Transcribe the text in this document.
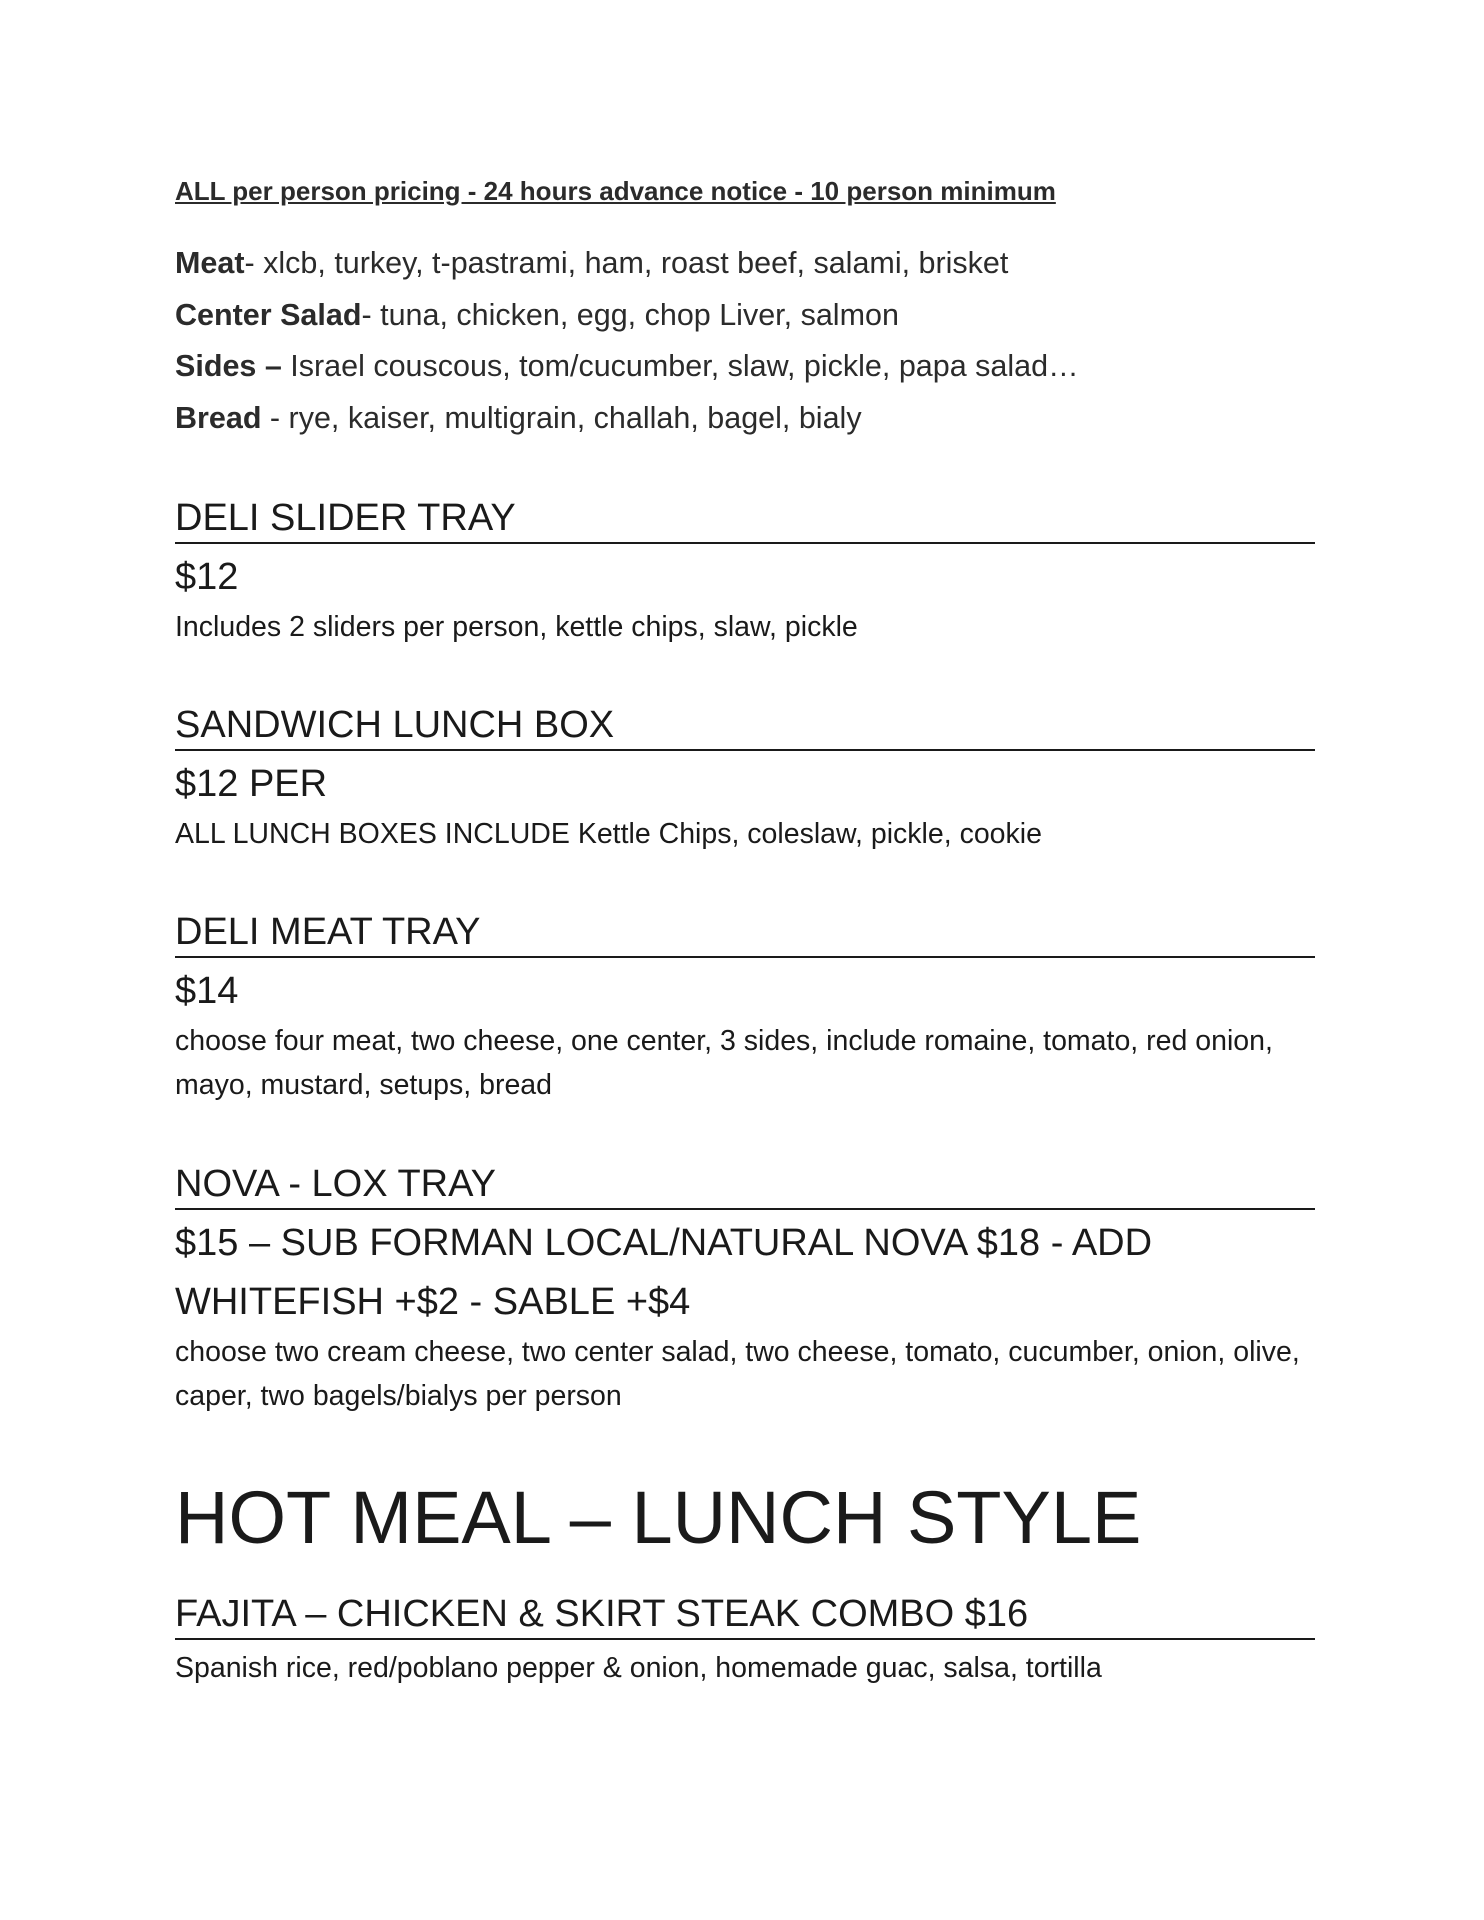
ALL per person pricing - 24 hours advance notice - 10 person minimum
Meat- xlcb, turkey, t-pastrami, ham, roast beef, salami, brisket
Center Salad- tuna, chicken, egg, chop Liver, salmon
Sides – Israel couscous, tom/cucumber, slaw, pickle, papa salad…
Bread - rye, kaiser, multigrain, challah, bagel, bialy
DELI SLIDER TRAY
$12
Includes 2 sliders per person, kettle chips, slaw, pickle
SANDWICH LUNCH BOX
$12 PER
ALL LUNCH BOXES INCLUDE Kettle Chips, coleslaw, pickle, cookie
DELI MEAT TRAY
$14
choose four meat, two cheese, one center, 3 sides, include romaine, tomato, red onion, mayo, mustard, setups, bread
NOVA - LOX TRAY
$15 – SUB FORMAN LOCAL/NATURAL NOVA $18 - ADD WHITEFISH +$2 - SABLE +$4
choose two cream cheese, two center salad, two cheese, tomato, cucumber, onion, olive, caper, two bagels/bialys per person
HOT MEAL – LUNCH STYLE
FAJITA – CHICKEN & SKIRT STEAK COMBO $16
Spanish rice, red/poblano pepper & onion, homemade guac, salsa, tortilla
